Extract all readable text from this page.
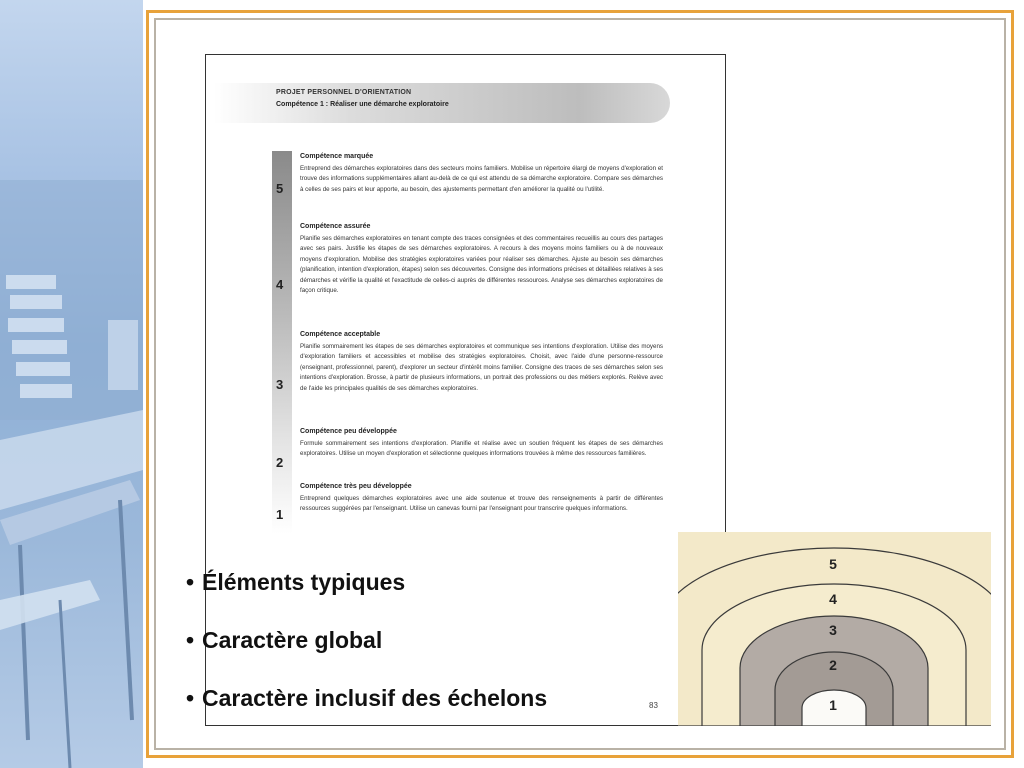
PROJET PERSONNEL D'ORIENTATION
Compétence 1 : Réaliser une démarche exploratoire
5
Compétence marquée
Entreprend des démarches exploratoires dans des secteurs moins familiers. Mobilise un répertoire élargi de moyens d'exploration et trouve des informations supplémentaires allant au-delà de ce qui est attendu de sa démarche exploratoire. Compare ses démarches à celles de ses pairs et leur apporte, au besoin, des ajustements permettant d'en améliorer la qualité ou l'utilité.
4
Compétence assurée
Planifie ses démarches exploratoires en tenant compte des traces consignées et des commentaires recueillis au cours des partages avec ses pairs. Justifie les étapes de ses démarches exploratoires. A recours à des moyens moins familiers ou à de nouveaux moyens d'exploration. Mobilise des stratégies exploratoires variées pour réaliser ses démarches. Ajuste au besoin ses démarches (planification, intention d'exploration, étapes) selon ses découvertes. Consigne des informations précises et détaillées relatives à ses démarches et vérifie la qualité et l'exactitude de celles-ci auprès de différentes ressources. Analyse ses démarches exploratoires de façon critique.
3
Compétence acceptable
Planifie sommairement les étapes de ses démarches exploratoires et communique ses intentions d'exploration. Utilise des moyens d'exploration familiers et accessibles et mobilise des stratégies exploratoires. Choisit, avec l'aide d'une personne-ressource (enseignant, professionnel, parent), d'explorer un secteur d'intérêt moins familier. Consigne des traces de ses démarches selon ses intentions d'exploration. Brosse, à partir de plusieurs informations, un portrait des professions ou des métiers explorés. Relève avec de l'aide les principales qualités de ses démarches exploratoires.
2
Compétence peu développée
Formule sommairement ses intentions d'exploration. Planifie et réalise avec un soutien fréquent les étapes de ses démarches exploratoires. Utilise un moyen d'exploration et sélectionne quelques informations trouvées à même des ressources familières.
1
Compétence très peu développée
Entreprend quelques démarches exploratoires avec une aide soutenue et trouve des renseignements à partir de différentes ressources suggérées par l'enseignant. Utilise un canevas fourni par l'enseignant pour transcrire quelques informations.
83
• Éléments typiques
• Caractère global
• Caractère inclusif des échelons
5
4
3
2
1
